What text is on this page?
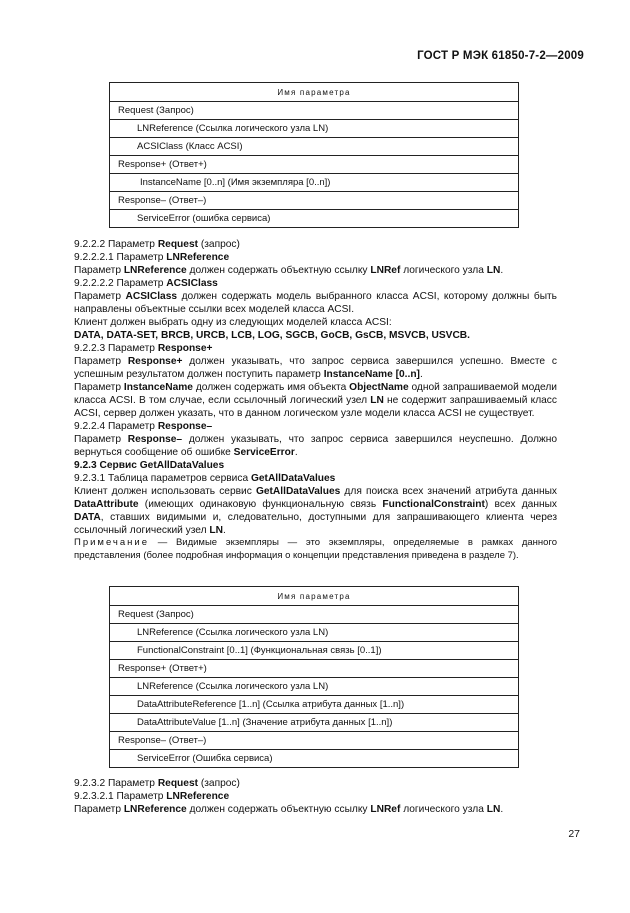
ГОСТ Р МЭК 61850-7-2—2009
Имя параметра
Request (Запрос)
LNReference (Ссылка логического узла LN)
ACSIClass (Класс ACSI)
Response+ (Ответ+)
InstanceName [0..n] (Имя экземпляра [0..n])
Response– (Ответ–)
ServiceError (ошибка сервиса)

9.2.2.2 Параметр Request (запрос)

9.2.2.2.1 Параметр LNReference

Параметр LNReference должен содержать объектную ссылку LNRef логического узла LN.

9.2.2.2.2 Параметр ACSIClass

Параметр ACSIClass должен содержать модель выбранного класса ACSI, которому должны быть направлены объектные ссылки всех моделей класса ACSI.

Клиент должен выбрать одну из следующих моделей класса ACSI:

DATA, DATA-SET, BRCB, URCB, LCB, LOG, SGCB, GoCB, GsCB, MSVCB, USVCB.

9.2.2.3 Параметр Response+

Параметр Response+ должен указывать, что запрос сервиса завершился успешно. Вместе с успешным результатом должен поступить параметр InstanceName [0..n].

Параметр InstanceName должен содержать имя объекта ObjectName одной запрашиваемой модели класса ACSI. В том случае, если ссылочный логический узел LN не содержит запрашиваемый класс ACSI, сервер должен указать, что в данном логическом узле модели класса ACSI не существует.

9.2.2.4 Параметр Response–

Параметр Response– должен указывать, что запрос сервиса завершился неуспешно. Должно вернуться сообщение об ошибке ServiceError.

9.2.3 Сервис GetAllDataValues

9.2.3.1 Таблица параметров сервиса GetAllDataValues

Клиент должен использовать сервис GetAllDataValues для поиска всех значений атрибута данных DataAttribute (имеющих одинаковую функциональную связь FunctionalConstraint) всех данных DATA, ставших видимыми и, следовательно, доступными для запрашивающего клиента через ссылочный логический узел LN.

Примечание — Видимые экземпляры — это экземпляры, определяемые в рамках данного представления (более подробная информация о концепции представления приведена в разделе 7).

Имя параметра
Request (Запрос)
LNReference (Ссылка логического узла LN)
FunctionalConstraint [0..1] (Функциональная связь [0..1])
Response+ (Ответ+)
LNReference (Ссылка логического узла LN)
DataAttributeReference [1..n] (Ссылка атрибута данных [1..n])
DataAttributeValue [1..n] (Значение атрибута данных [1..n])
Response– (Ответ–)
ServiceError (Ошибка сервиса)

9.2.3.2 Параметр Request (запрос)

9.2.3.2.1 Параметр LNReference

Параметр LNReference должен содержать объектную ссылку LNRef логического узла LN.

27
